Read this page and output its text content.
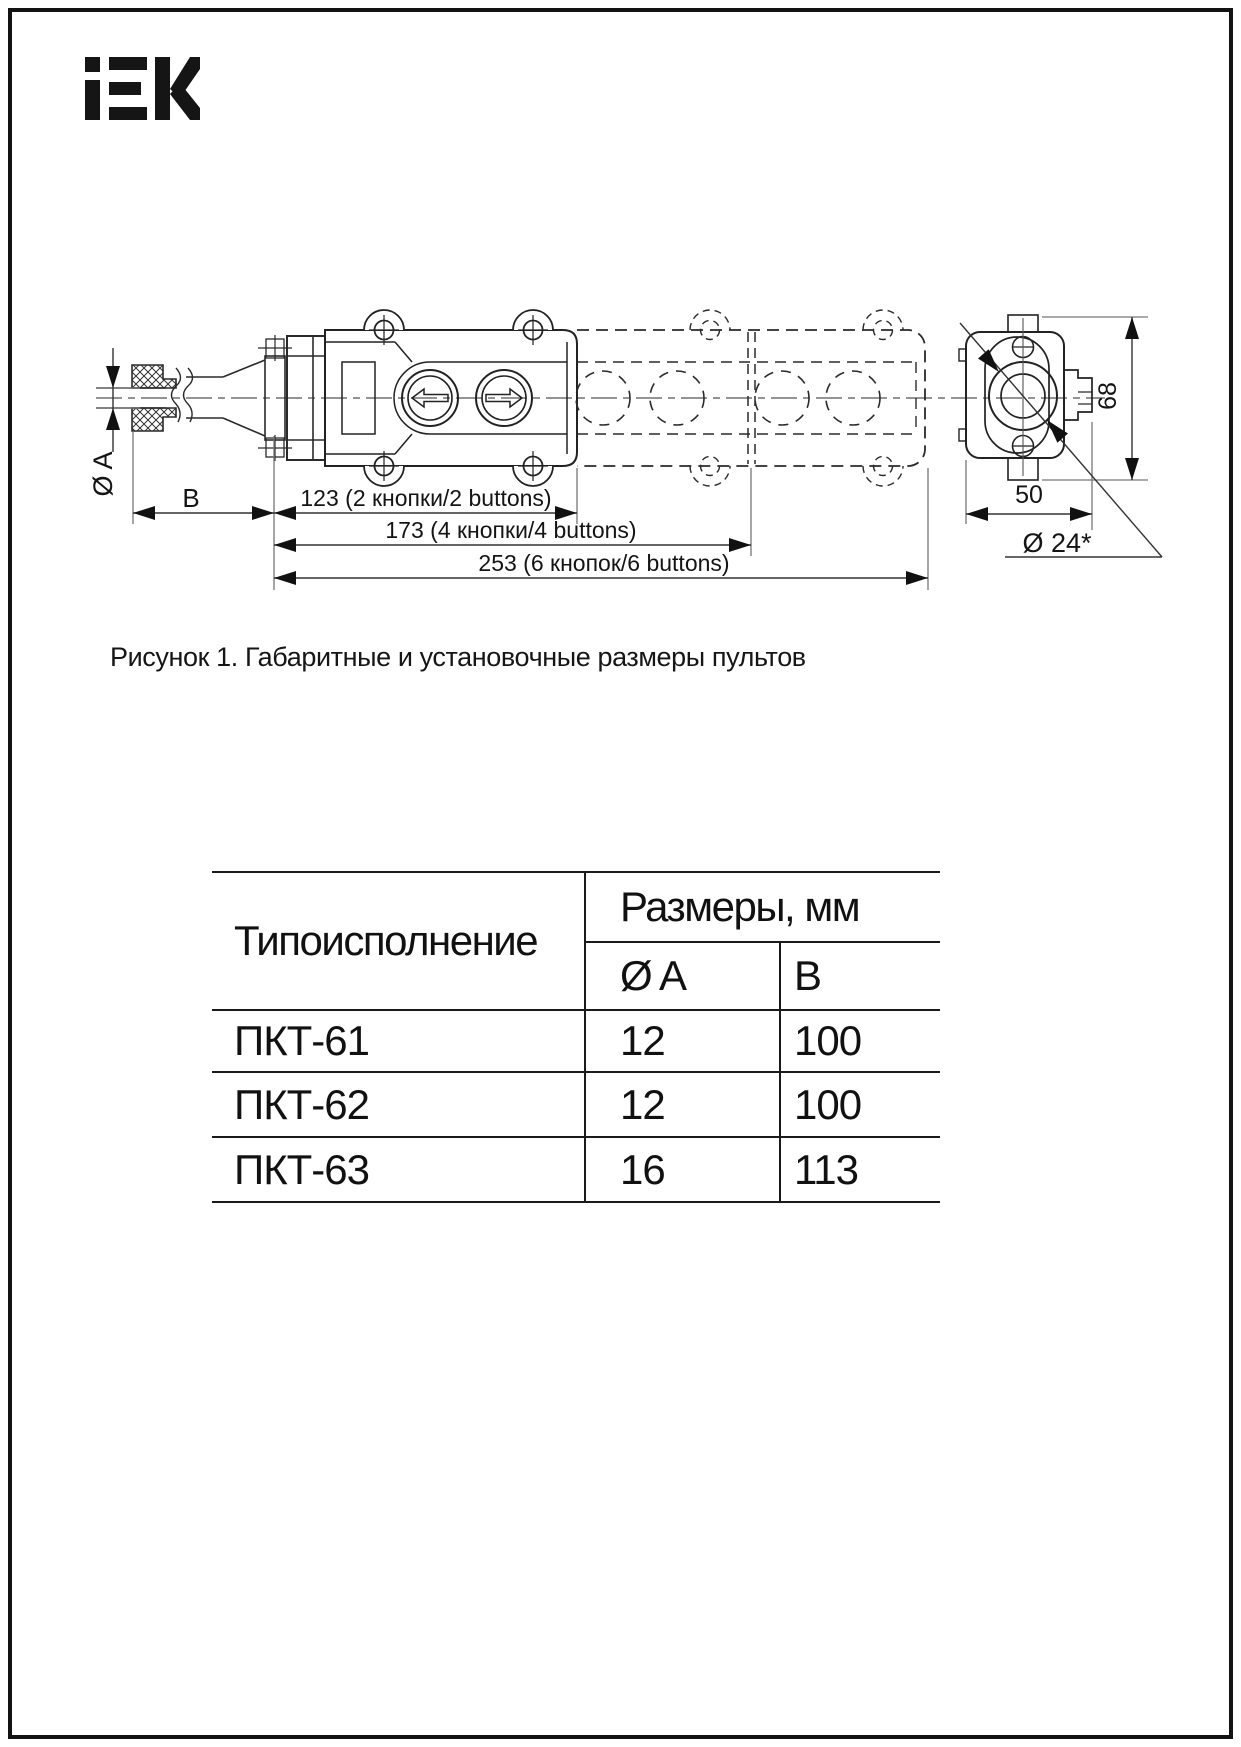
Ø A
B	123 (2 кнопки/2 buttons)
173 (4 кнопки/4 buttons)
253 (6 кнопок/6 buttons)
50
68
Ø 24*
Рисунок 1. Габаритные и установочные размеры пультов
Типоисполнение
Размеры, мм
Ø A	B
ПКТ-61	12	100
ПКТ-62	12	100
ПКТ-63	16	113
